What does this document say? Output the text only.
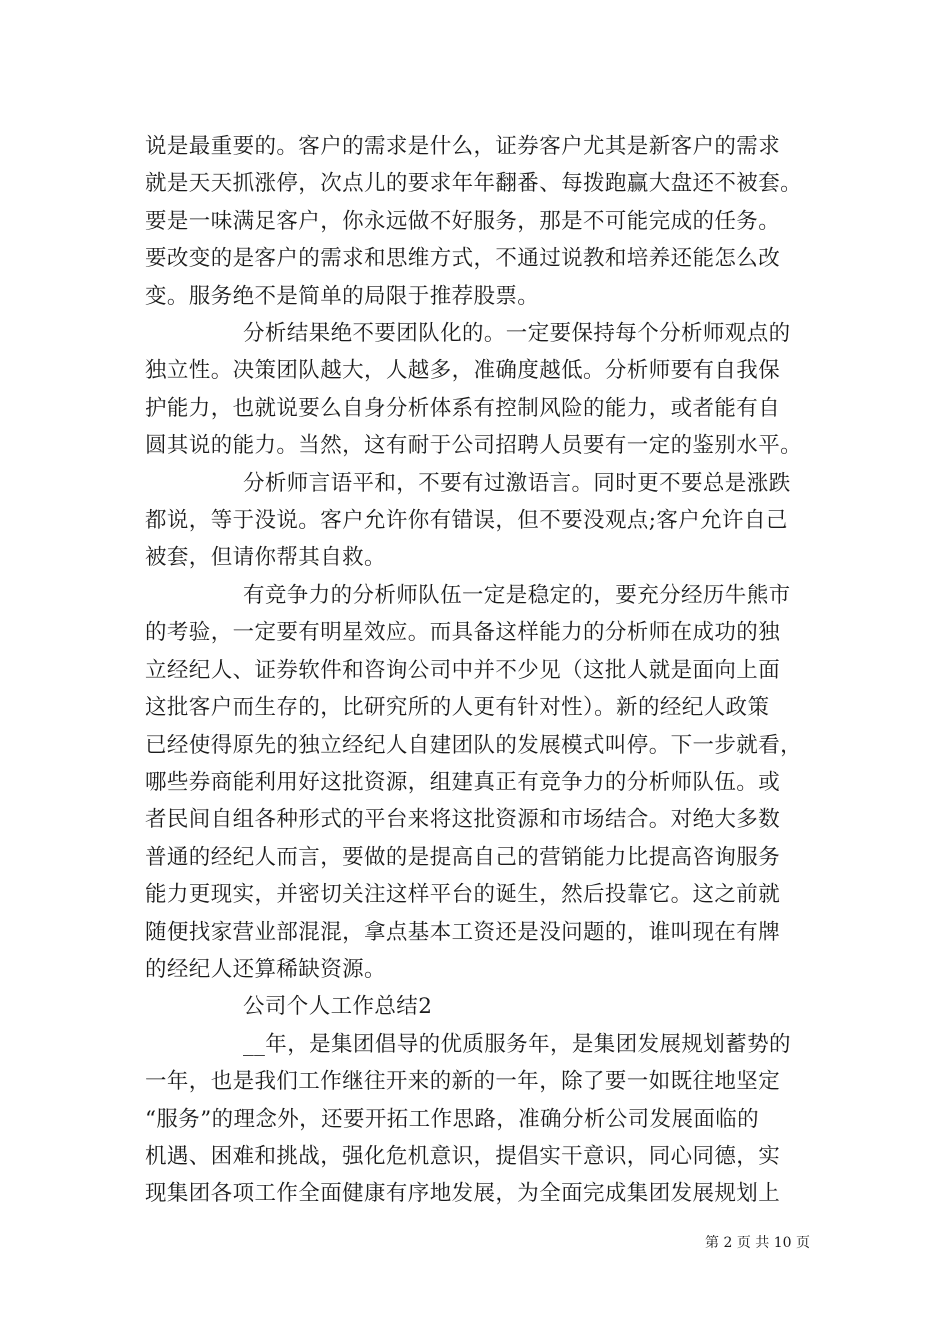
说是最重要的。客户的需求是什么，证券客户尤其是新客户的需求
就是天天抓涨停，次点儿的要求年年翻番、每拨跑赢大盘还不被套。
要是一味满足客户，你永远做不好服务，那是不可能完成的任务。
要改变的是客户的需求和思维方式，不通过说教和培养还能怎么改
变。服务绝不是简单的局限于推荐股票。

分析结果绝不要团队化的。一定要保持每个分析师观点的
独立性。决策团队越大，人越多，准确度越低。分析师要有自我保
护能力，也就说要么自身分析体系有控制风险的能力，或者能有自
圆其说的能力。当然，这有耐于公司招聘人员要有一定的鉴别水平。

分析师言语平和，不要有过激语言。同时更不要总是涨跌
都说，等于没说。客户允许你有错误，但不要没观点;客户允许自己
被套，但请你帮其自救。

有竞争力的分析师队伍一定是稳定的，要充分经历牛熊市
的考验，一定要有明星效应。而具备这样能力的分析师在成功的独
立经纪人、证券软件和咨询公司中并不少见（这批人就是面向上面
这批客户而生存的，比研究所的人更有针对性）。新的经纪人政策
已经使得原先的独立经纪人自建团队的发展模式叫停。下一步就看，
哪些券商能利用好这批资源，组建真正有竞争力的分析师队伍。或
者民间自组各种形式的平台来将这批资源和市场结合。对绝大多数
普通的经纪人而言，要做的是提高自己的营销能力比提高咨询服务
能力更现实，并密切关注这样平台的诞生，然后投靠它。这之前就
随便找家营业部混混，拿点基本工资还是没问题的，谁叫现在有牌
的经纪人还算稀缺资源。

公司个人工作总结2

__年，是集团倡导的优质服务年，是集团发展规划蓄势的
一年，也是我们工作继往开来的新的一年，除了要一如既往地坚定
“服务”的理念外，还要开拓工作思路，准确分析公司发展面临的
机遇、困难和挑战，强化危机意识，提倡实干意识，同心同德，实
现集团各项工作全面健康有序地发展，为全面完成集团发展规划上

第 2 页 共 10 页
